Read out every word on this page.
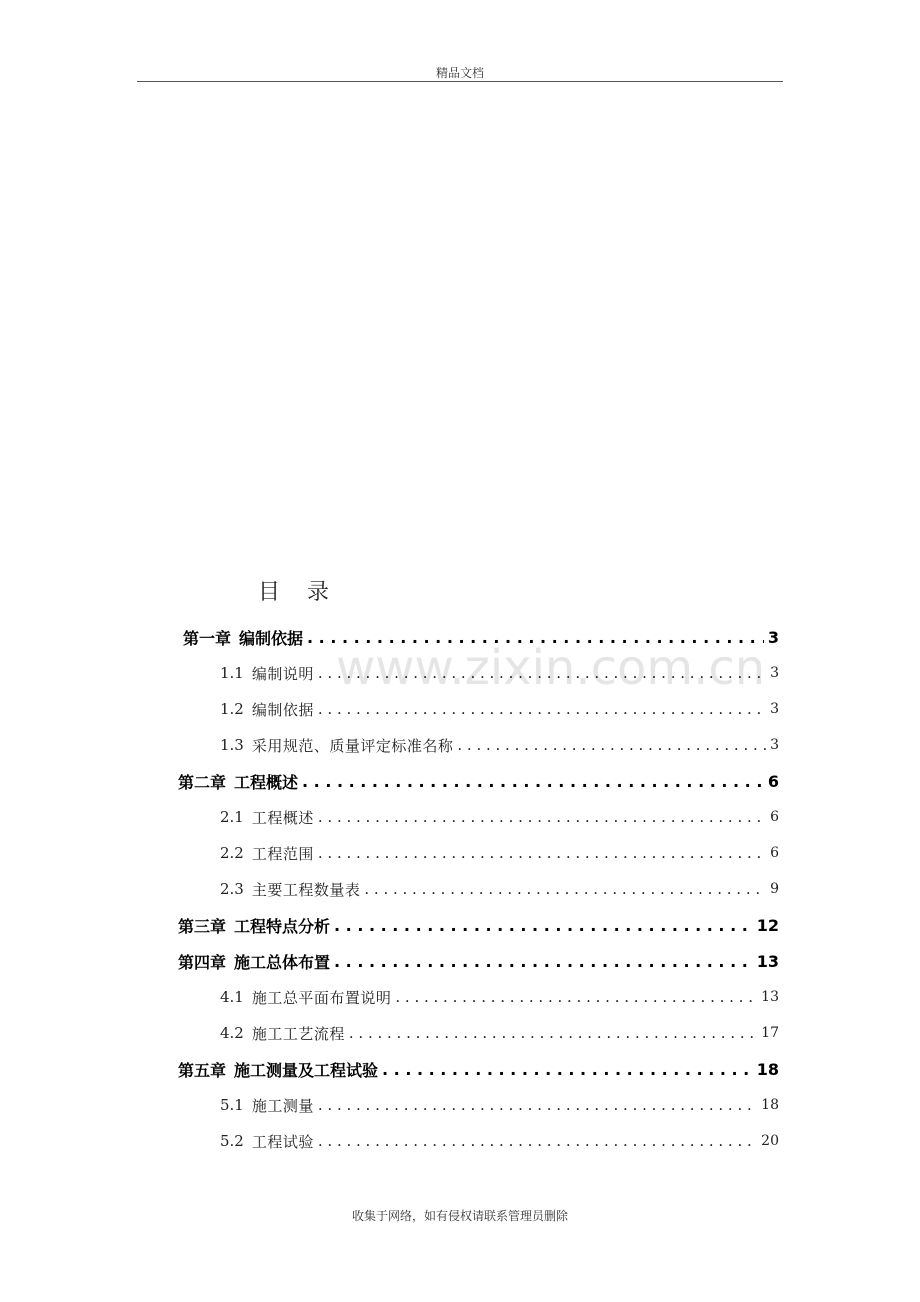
精品文档
目 录
www.zixin.com.cn
第一章 编制依据 . . .	3
1.1 编制说明 . . .	3
1.2 编制依据 . . .	3
1.3 采用规范、质量评定标准名称 . . .	3
第二章 工程概述 . . .	6
2.1 工程概述 . . .	6
2.2 工程范围 . . .	6
2.3 主要工程数量表 . . .	9
第三章 工程特点分析 . . .	12
第四章 施工总体布置 . . .	13
4.1 施工总平面布置说明 . . .	13
4.2 施工工艺流程 . . .	17
第五章 施工测量及工程试验 . . .	18
5.1 施工测量 . . .	18
5.2 工程试验 . . .	20
收集于网络，如有侵权请联系管理员删除
